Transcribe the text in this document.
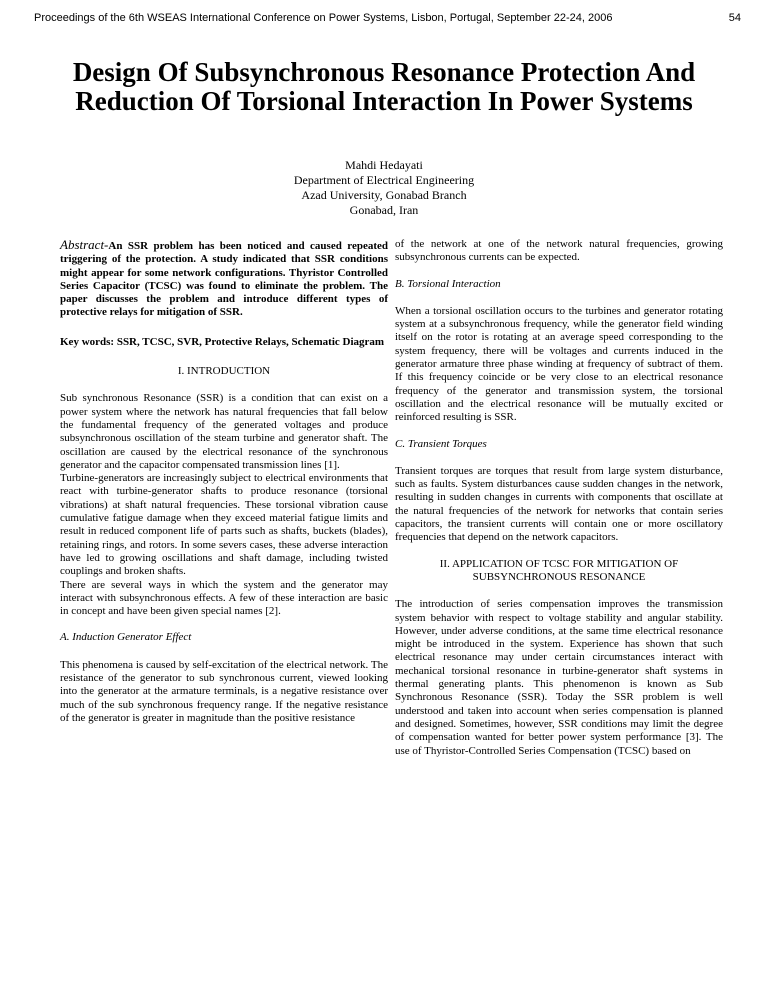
Proceedings of the 6th WSEAS International Conference on Power Systems, Lisbon, Portugal, September 22-24, 2006	54
Design Of Subsynchronous Resonance Protection And Reduction Of Torsional Interaction In Power Systems
Mahdi Hedayati
Department of Electrical Engineering
Azad University, Gonabad Branch
Gonabad, Iran

Abstract-An SSR problem has been noticed and caused repeated triggering of the protection. A study indicated that SSR conditions might appear for some network configurations. Thyristor Controlled Series Capacitor (TCSC) was found to eliminate the problem. The paper discusses the problem and introduce different types of protective relays for mitigation of SSR.

Key words: SSR, TCSC, SVR, Protective Relays, Schematic Diagram

I. INTRODUCTION

Sub synchronous Resonance (SSR) is a condition that can exist on a power system where the network has natural frequencies that fall below the fundamental frequency of the generated voltages and produce subsynchronous oscillation of the steam turbine and generator shaft. The oscillation are caused by the electrical resonance of the synchronous generator and the capacitor compensated transmission lines [1].

Turbine-generators are increasingly subject to electrical environments that react with turbine-generator shafts to produce resonance (torsional vibrations) at shaft natural frequencies. These torsional vibration cause cumulative fatigue damage when they exceed material fatigue limits and result in reduced component life of parts such as shafts, buckets (blades), retaining rings, and rotors. In some severs cases, these adverse interaction have led to growing oscillations and shaft damage, including twisted couplings and broken shafts.

There are several ways in which the system and the generator may interact with subsynchronous effects. A few of these interaction are basic in concept and have been given special names [2].

A. Induction Generator Effect

This phenomena is caused by self-excitation of the electrical network. The resistance of the generator to sub synchronous current, viewed looking into the generator at the armature terminals, is a negative resistance over much of the sub synchronous frequency range. If the negative resistance of the generator is greater in magnitude than the positive resistance

of the network at one of the network natural frequencies, growing subsynchronous currents can be expected.

B. Torsional Interaction

When a torsional oscillation occurs to the turbines and generator rotating system at a subsynchronous frequency, while the generator field winding itself on the rotor is rotating at an average speed corresponding to the system frequency, there will be voltages and currents induced in the generator armature three phase winding at frequency of subtract of them. If this frequency coincide or be very close to an electrical resonance frequency of the generator and transmission system, the torsional oscillation and the electrical resonance will be mutually excited or reinforced resulting is SSR.

C. Transient Torques

Transient torques are torques that result from large system disturbance, such as faults. System disturbances cause sudden changes in the network, resulting in sudden changes in currents with components that oscillate at the natural frequencies of the network for networks that contain series capacitors, the transient currents will contain one or more oscillatory frequencies that depend on the network capacitors.

II. APPLICATION OF TCSC FOR MITIGATION OF SUBSYNCHRONOUS RESONANCE

The introduction of series compensation improves the transmission system behavior with respect to voltage stability and angular stability. However, under adverse conditions, at the same time electrical resonance might be introduced in the system. Experience has shown that such electrical resonance may under certain circumstances interact with mechanical torsional resonance in turbine-generator shaft systems in thermal generating plants. This phenomenon is known as Sub Synchronous Resonance (SSR). Today the SSR problem is well understood and taken into account when series compensation is planned and designed. Sometimes, however, SSR conditions may limit the degree of compensation wanted for better power system performance [3]. The use of Thyristor-Controlled Series Compensation (TCSC) based on
